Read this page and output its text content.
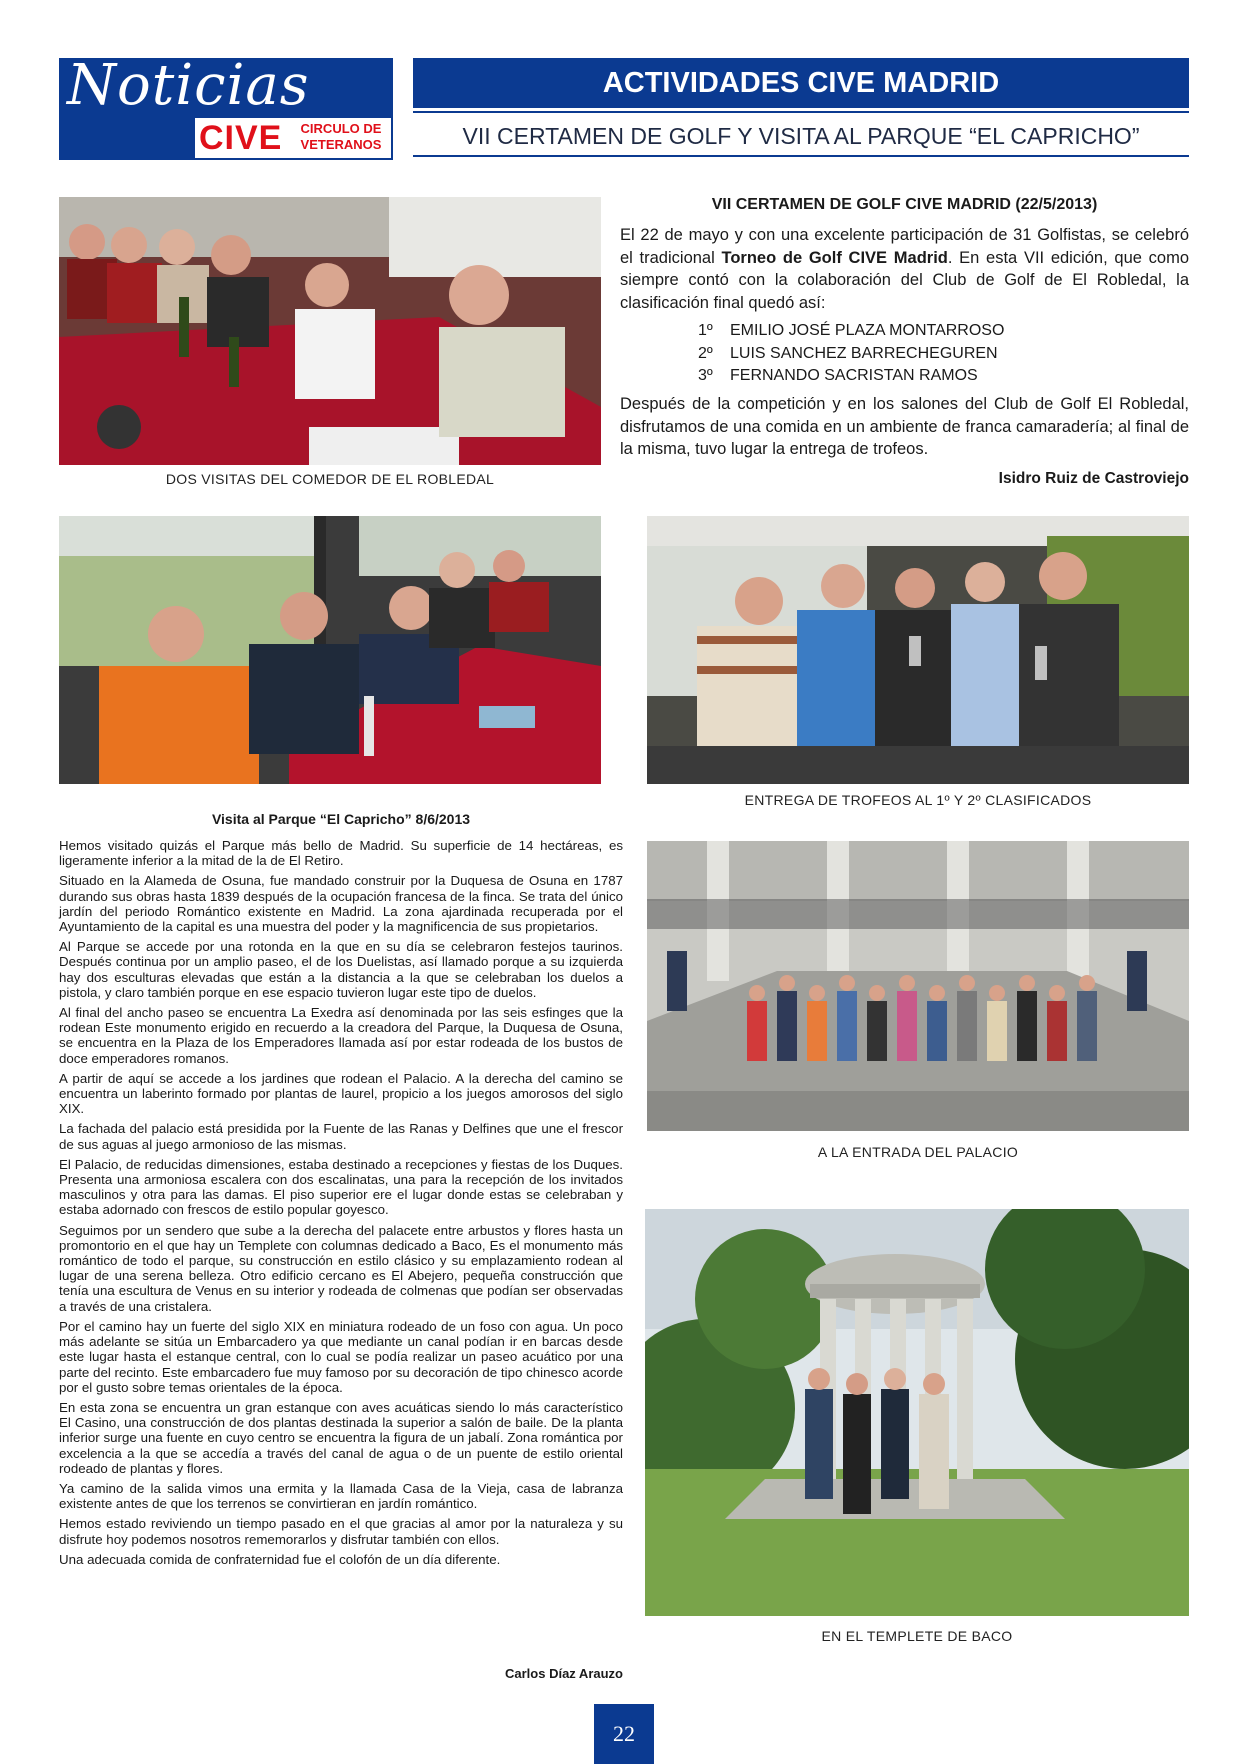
Noticias
CIVE	CIRCULO DE VETERANOS
ACTIVIDADES CIVE MADRID
VII CERTAMEN DE GOLF Y VISITA AL PARQUE “EL CAPRICHO”
DOS VISITAS DEL COMEDOR DE EL ROBLEDAL
VII CERTAMEN DE GOLF CIVE MADRID (22/5/2013)
El 22 de mayo y con una excelente participación de 31 Golfistas, se celebró el tradicional Torneo de Golf CIVE Madrid. En esta VII edición, que como siempre contó con la colaboración del Club de Golf de El Robledal, la clasificación final quedó así:
1º EMILIO JOSÉ PLAZA MONTARROSO
2º LUIS SANCHEZ BARRECHEGUREN
3º FERNANDO SACRISTAN RAMOS
Después de la competición y en los salones del Club de Golf El Robledal, disfrutamos de una comida en un ambiente de franca camaradería; al final de la misma, tuvo lugar la entrega de trofeos.
Isidro Ruiz de Castroviejo
ENTREGA DE TROFEOS AL 1º Y 2º CLASIFICADOS
Visita al Parque “El Capricho” 8/6/2013

Hemos visitado quizás el Parque más bello de Madrid. Su superficie de 14 hectáreas, es ligeramente inferior a la mitad de la de El Retiro.

Situado en la Alameda de Osuna, fue mandado construir por la Duquesa de Osuna en 1787 durando sus obras hasta 1839 después de la ocupación francesa de la finca. Se trata del único jardín del periodo Romántico existente en Madrid. La zona ajardinada recuperada por el Ayuntamiento de la capital es una muestra del poder y la magnificencia de sus propietarios.

Al Parque se accede por una rotonda en la que en su día se celebraron festejos taurinos. Después continua por un amplio paseo, el de los Duelistas, así llamado porque a su izquierda hay dos esculturas elevadas que están a la distancia a la que se celebraban los duelos a pistola, y claro también porque en ese espacio tuvieron lugar este tipo de duelos.

Al final del ancho paseo se encuentra La Exedra así denominada por las seis esfinges que la rodean Este monumento erigido en recuerdo a la creadora del Parque, la Duquesa de Osuna, se encuentra en la Plaza de los Emperadores llamada así por estar rodeada de los bustos de doce emperadores romanos.

A partir de aquí se accede a los jardines que rodean el Palacio. A la derecha del camino se encuentra un laberinto formado por plantas de laurel, propicio a los juegos amorosos del siglo XIX.

La fachada del palacio está presidida por la Fuente de las Ranas y Delfines que une el frescor de sus aguas al juego armonioso de las mismas.

El Palacio, de reducidas dimensiones, estaba destinado a recepciones y fiestas de los Duques. Presenta una armoniosa escalera con dos escalinatas, una para la recepción de los invitados masculinos y otra para las damas. El piso superior ere el lugar donde estas se celebraban y estaba adornado con frescos de estilo popular goyesco.

Seguimos por un sendero que sube a la derecha del palacete entre arbustos y flores hasta un promontorio en el que hay un Templete con columnas dedicado a Baco, Es el monumento más romántico de todo el parque, su construcción en estilo clásico y su emplazamiento rodean al lugar de una serena belleza. Otro edificio cercano es El Abejero, pequeña construcción que tenía una escultura de Venus en su interior y rodeada de colmenas que podían ser observadas a través de una cristalera.

Por el camino hay un fuerte del siglo XIX en miniatura rodeado de un foso con agua. Un poco más adelante se sitúa un Embarcadero ya que mediante un canal podían ir en barcas desde este lugar hasta el estanque central, con lo cual se podía realizar un paseo acuático por una parte del recinto. Este embarcadero fue muy famoso por su decoración de tipo chinesco acorde por el gusto sobre temas orientales de la época.

En esta zona se encuentra un gran estanque con aves acuáticas siendo lo más característico El Casino, una construcción de dos plantas destinada la superior a salón de baile. De la planta inferior surge una fuente en cuyo centro se encuentra la figura de un jabalí. Zona romántica por excelencia a la que se accedía a través del canal de agua o de un puente de estilo oriental rodeado de plantas y flores.

Ya camino de la salida vimos una ermita y la llamada Casa de la Vieja, casa de labranza existente antes de que los terrenos se convirtieran en jardín romántico.

Hemos estado reviviendo un tiempo pasado en el que gracias al amor por la naturaleza y su disfrute hoy podemos nosotros rememorarlos y disfrutar también con ellos.

Una adecuada comida de confraternidad fue el colofón de un día diferente.

Carlos Díaz Arauzo
A LA ENTRADA DEL PALACIO
EN EL TEMPLETE DE BACO
22
